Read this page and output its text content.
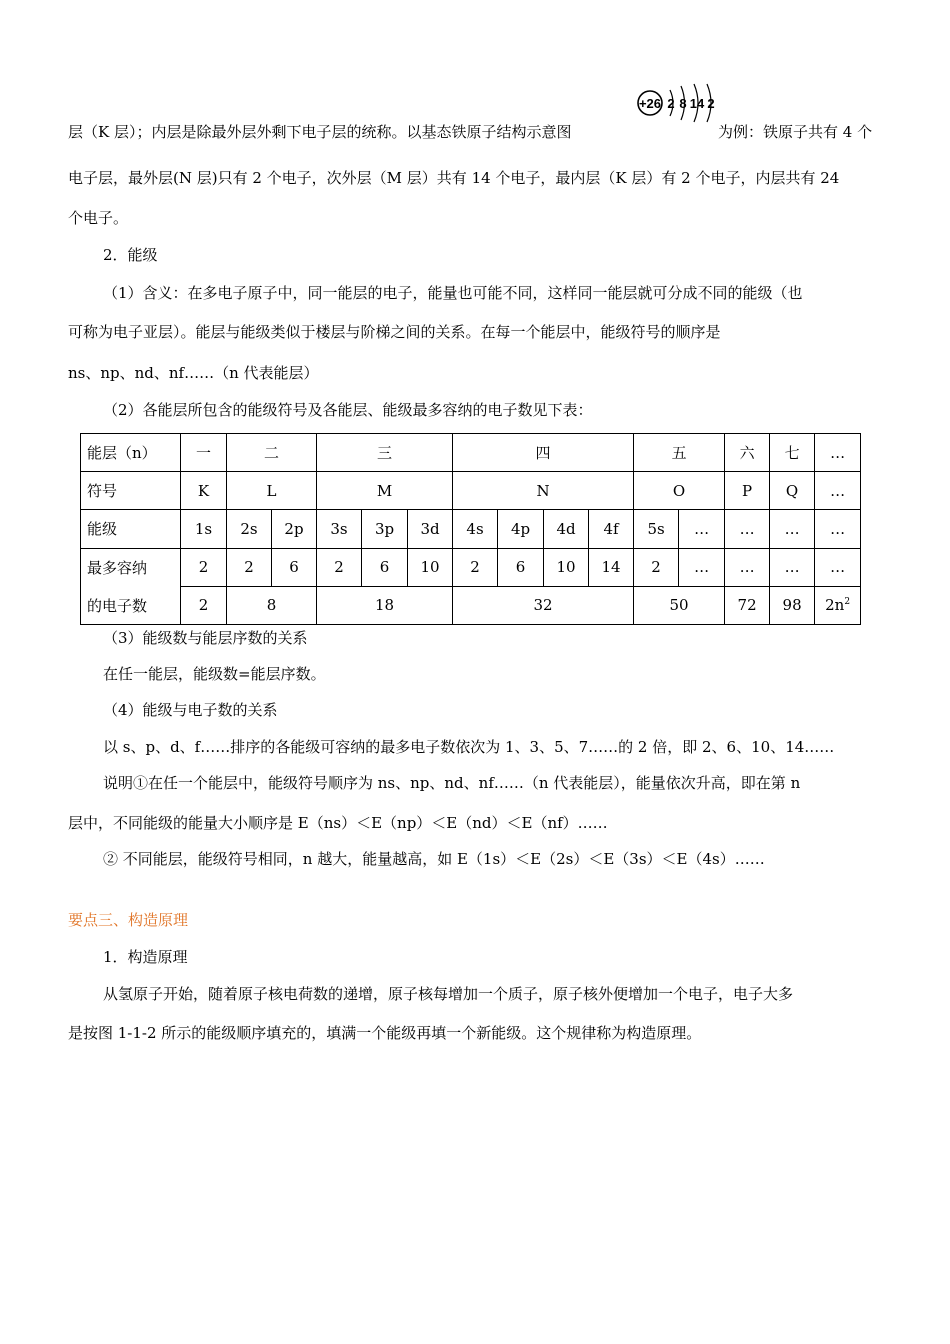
层（K 层）；内层是除最外层外剩下电子层的统称。以基态铁原子结构示意图
+26 2 8 14 2
为例：铁原子共有 4 个
电子层，最外层(N 层)只有 2 个电子，次外层（M 层）共有 14 个电子，最内层（K 层）有 2 个电子，内层共有 24
个电子。
2．能级
（1）含义：在多电子原子中，同一能层的电子，能量也可能不同，这样同一能层就可分成不同的能级（也
可称为电子亚层）。能层与能级类似于楼层与阶梯之间的关系。在每一个能层中，能级符号的顺序是
ns、np、nd、nf……（n 代表能层）
（2）各能层所包含的能级符号及各能层、能级最多容纳的电子数见下表：
能层（n）	一	二		三			四				五		六	七	…
符号	K	L		M			N				O		P	Q	…
能级	1s	2s	2p	3s	3p	3d	4s	4p	4d	4f	5s	…	…	…	…
最多容纳	2	2	6	2	6	10	2	6	10	14	2	…	…	…	…
的电子数	2	8		18			32				50		72	98	$2n^2$
（3）能级数与能层序数的关系
在任一能层，能级数=能层序数。
（4）能级与电子数的关系
以 s、p、d、f……排序的各能级可容纳的最多电子数依次为 1、3、5、7……的 2 倍，即 2、6、10、14……
说明①在任一个能层中，能级符号顺序为 ns、np、nd、nf……（n 代表能层），能量依次升高，即在第 n
层中，不同能级的能量大小顺序是 E（ns）＜E（np）＜E（nd）＜E（nf）……
② 不同能层，能级符号相同，n 越大，能量越高，如 E（1s）＜E（2s）＜E（3s）＜E（4s）……
要点三、构造原理
1．构造原理
从氢原子开始，随着原子核电荷数的递增，原子核每增加一个质子，原子核外便增加一个电子，电子大多
是按图 1-1-2 所示的能级顺序填充的，填满一个能级再填一个新能级。这个规律称为构造原理。
